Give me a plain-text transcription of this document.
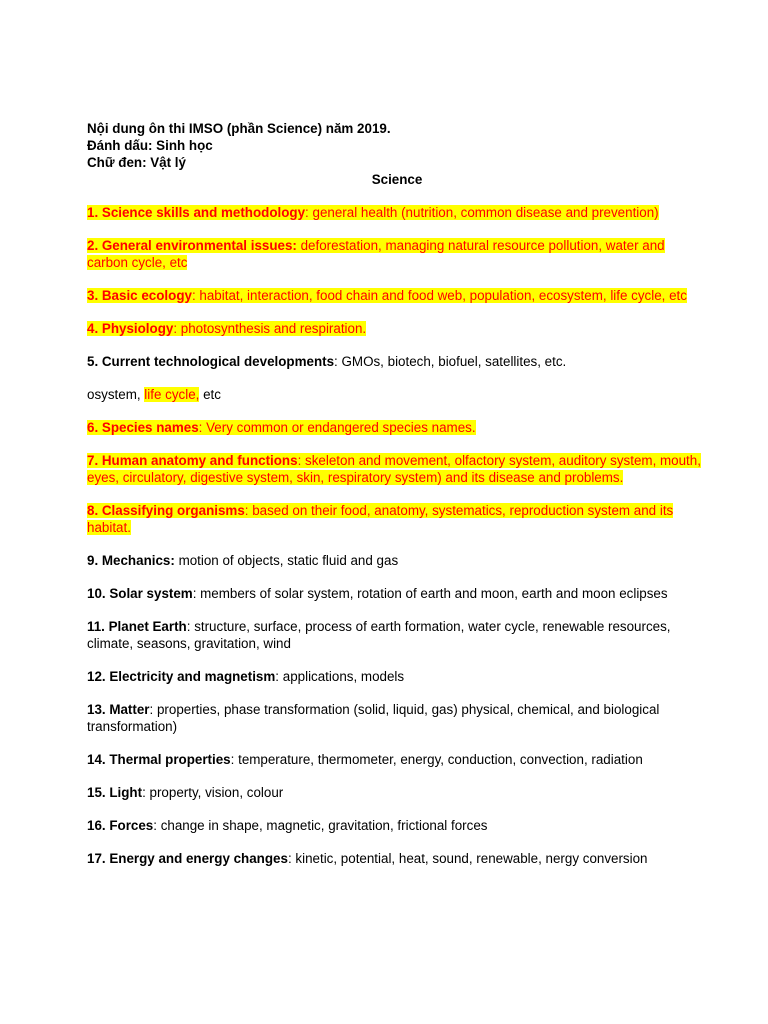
Nội dung ôn thi IMSO (phần Science) năm 2019.

Đánh dấu: Sinh học

Chữ đen: Vật lý

Science

1. Science skills and methodology: general health (nutrition, common disease and prevention)

2. General environmental issues: deforestation, managing natural resource pollution, water and carbon cycle, etc

3. Basic ecology: habitat, interaction, food chain and food web, population, ecosystem, life cycle, etc

4. Physiology: photosynthesis and respiration.

5. Current technological developments: GMOs, biotech, biofuel, satellites, etc.

osystem, life cycle, etc

6. Species names: Very common or endangered species names.

7. Human anatomy and functions: skeleton and movement, olfactory system, auditory system, mouth, eyes, circulatory, digestive system, skin, respiratory system) and its disease and problems.

8. Classifying organisms: based on their food, anatomy, systematics, reproduction system and its habitat.

9. Mechanics: motion of objects, static fluid and gas

10. Solar system: members of solar system, rotation of earth and moon, earth and moon eclipses

11. Planet Earth: structure, surface, process of earth formation, water cycle, renewable resources, climate, seasons, gravitation, wind

12. Electricity and magnetism: applications, models

13. Matter: properties, phase transformation (solid, liquid, gas) physical, chemical, and biological transformation)

14. Thermal properties: temperature, thermometer, energy, conduction, convection, radiation

15. Light: property, vision, colour

16. Forces: change in shape, magnetic, gravitation, frictional forces

17. Energy and energy changes: kinetic, potential, heat, sound, renewable, nergy conversion
